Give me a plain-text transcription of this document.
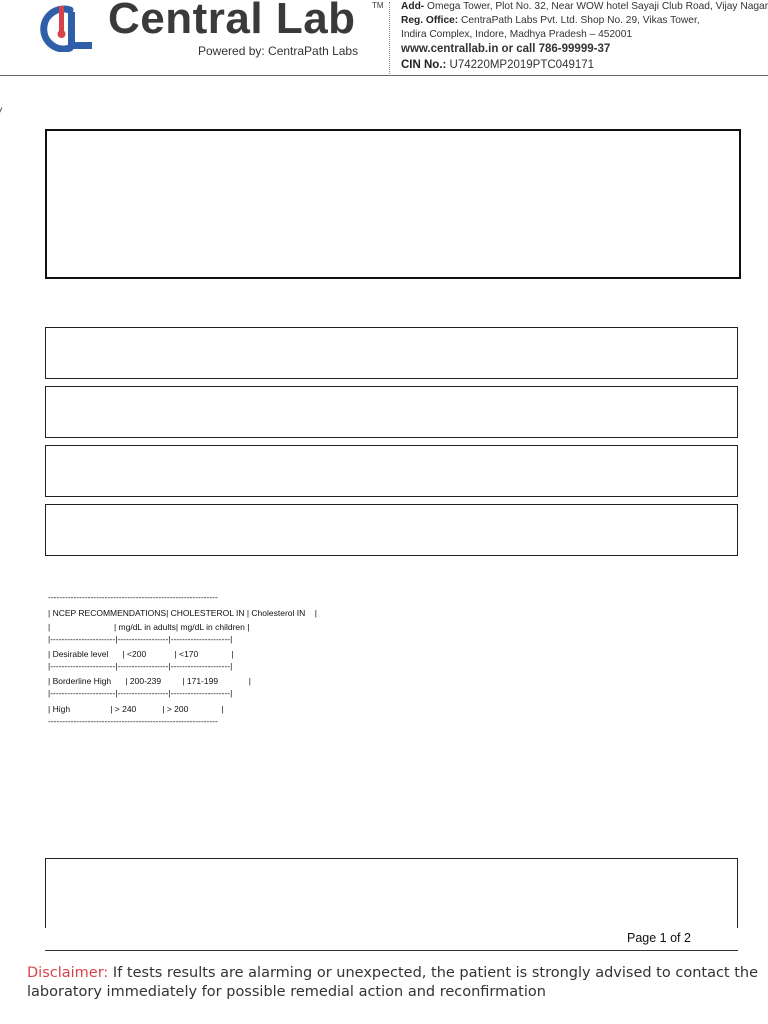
Central Lab TM
Powered by: CentraPath Labs
Add- Omega Tower, Plot No. 32, Near WOW hotel Sayaji Club Road, Vijay Nagar
Reg. Office: CentraPath Labs Pvt. Ltd. Shop No. 29, Vikas Tower,
Indira Complex, Indore, Madhya Pradesh – 452001
www.centrallab.in or call 786-99999-37
CIN No.: U74220MP2019PTC049171
------------------------------------------------------------
| NCEP RECOMMENDATIONS| CHOLESTEROL IN | Cholesterol IN    |
|                           | mg/dL in adults| mg/dL in children |
|-----------------------|------------------|---------------------|
| Desirable level      | <200            | <170              |
|-----------------------|------------------|---------------------|
| Borderline High      | 200-239         | 171-199             |
|-----------------------|------------------|---------------------|
| High                 | > 240           | > 200              |
------------------------------------------------------------
Page 1 of 2
Disclaimer: If tests results are alarming or unexpected, the patient is strongly advised to contact the laboratory immediately for possible remedial action and reconfirmation
